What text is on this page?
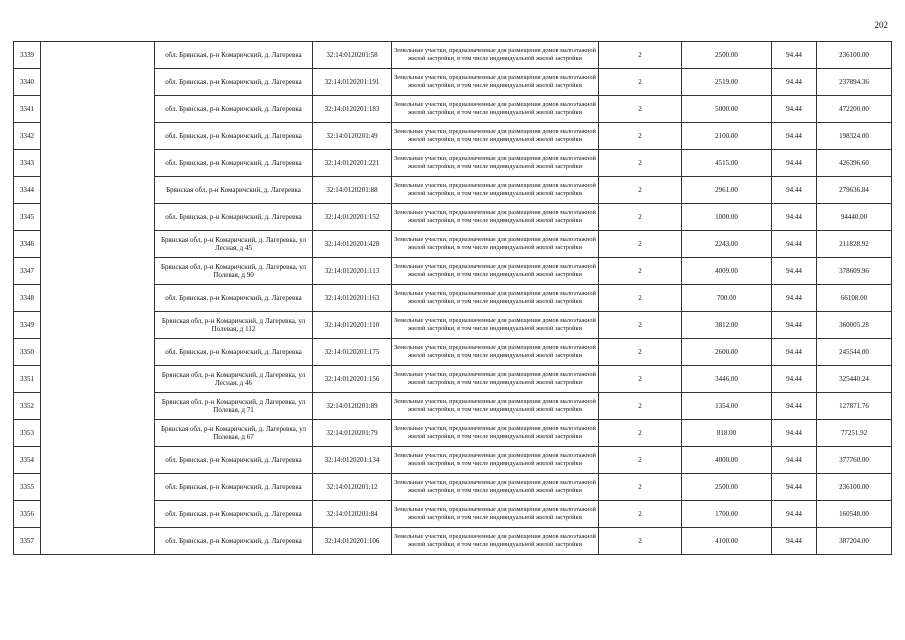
202
3339		обл. Брянская, р-н Комаричский, д. Лагеревка	32:14:0120201:58	Земельные участки, предназначенные для размещения домов малоэтажной жилой застройки, в том числе индивидуальной жилой застройки	2	2500.00	94.44	236100.00
3340		обл. Брянская, р-н Комаричский, д. Лагеревка	32:14:0120201:191	Земельные участки, предназначенные для размещения домов малоэтажной жилой застройки, в том числе индивидуальной жилой застройки	2	2519.00	94.44	237894.36
3341		обл. Брянская, р-н Комаричский, д. Лагеревка	32:14:0120201:183	Земельные участки, предназначенные для размещения домов малоэтажной жилой застройки, в том числе индивидуальной жилой застройки	2	5000.00	94.44	472200.00
3342		обл. Брянская, р-н Комаричский, д. Лагеревка	32:14:0120201:49	Земельные участки, предназначенные для размещения домов малоэтажной жилой застройки, в том числе индивидуальной жилой застройки	2	2100.00	94.44	198324.00
3343		обл. Брянская, р-н Комаричский, д. Лагеревка	32:14:0120201:221	Земельные участки, предназначенные для размещения домов малоэтажной жилой застройки, в том числе индивидуальной жилой застройки	2	4515.00	94.44	426396.60
3344		Брянская обл, р-н Комаричский, д. Лагеревка	32:14:0120201:88	Земельные участки, предназначенные для размещения домов малоэтажной жилой застройки, в том числе индивидуальной жилой застройки	2	2961.00	94.44	279636.84
3345		обл. Брянская, р-н Комаричский, д. Лагеревка	32:14:0120201:152	Земельные участки, предназначенные для размещения домов малоэтажной жилой застройки, в том числе индивидуальной жилой застройки	2	1000.00	94.44	94440.00
3346		Брянская обл, р-н Комаричский, д. Лагеревка, ул Лесная, д 45	32:14:0120201:428	Земельные участки, предназначенные для размещения домов малоэтажной жилой застройки, в том числе индивидуальной жилой застройки	2	2243.00	94.44	211828.92
3347		Брянская обл, р-н Комаричский, д. Лагеревка, ул Полевая, д 90	32:14:0120201:113	Земельные участки, предназначенные для размещения домов малоэтажной жилой застройки, в том числе индивидуальной жилой застройки	2	4009.00	94.44	378609.96
3348		обл. Брянская, р-н Комаричский, д. Лагеревка	32:14:0120201:163	Земельные участки, предназначенные для размещения домов малоэтажной жилой застройки, в том числе индивидуальной жилой застройки	2	700.00	94.44	66108.00
3349		Брянская обл, р-н Комаричский, д Лагеревка, ул Полевая, д 112	32:14:0120201:110	Земельные участки, предназначенные для размещения домов малоэтажной жилой застройки, в том числе индивидуальной жилой застройки	2	3812.00	94.44	360005.28
3350		обл. Брянская, р-н Комаричский, д. Лагеревка	32:14:0120201:175	Земельные участки, предназначенные для размещения домов малоэтажной жилой застройки, в том числе индивидуальной жилой застройки	2	2600.00	94.44	245544.00
3351		Брянская обл, р-н Комаричский, д Лагеревка, ул Лесная, д 46	32:14:0120201:156	Земельные участки, предназначенные для размещения домов малоэтажной жилой застройки, в том числе индивидуальной жилой застройки	2	3446.00	94.44	325440.24
3352		Брянская обл, р-н Комаричский, д Лагеревка, ул Полевая, д 71	32:14:0120201:89	Земельные участки, предназначенные для размещения домов малоэтажной жилой застройки, в том числе индивидуальной жилой застройки	2	1354.00	94.44	127871.76
3353		Брянская обл, р-н Комаричский, д. Лагеревка, ул Полевая, д 67	32:14:0120201:79	Земельные участки, предназначенные для размещения домов малоэтажной жилой застройки, в том числе индивидуальной жилой застройки	2	818.00	94.44	77251.92
3354		обл. Брянская, р-н Комаричский, д. Лагеревка	32:14:0120201:134	Земельные участки, предназначенные для размещения домов малоэтажной жилой застройки, в том числе индивидуальной жилой застройки	2	4000.00	94.44	377760.00
3355		обл. Брянская, р-н Комаричский, д. Лагеревка	32:14:0120201:12	Земельные участки, предназначенные для размещения домов малоэтажной жилой застройки, в том числе индивидуальной жилой застройки	2	2500.00	94.44	236100.00
3356		обл. Брянская, р-н Комаричский, д. Лагеревка	32:14:0120201:84	Земельные участки, предназначенные для размещения домов малоэтажной жилой застройки, в том числе индивидуальной жилой застройки	2	1700.00	94.44	160548.00
3357		обл. Брянская, р-н Комаричский, д. Лагеревка	32:14:0120201:106	Земельные участки, предназначенные для размещения домов малоэтажной жилой застройки, в том числе индивидуальной жилой застройки	2	4100.00	94.44	387204.00
